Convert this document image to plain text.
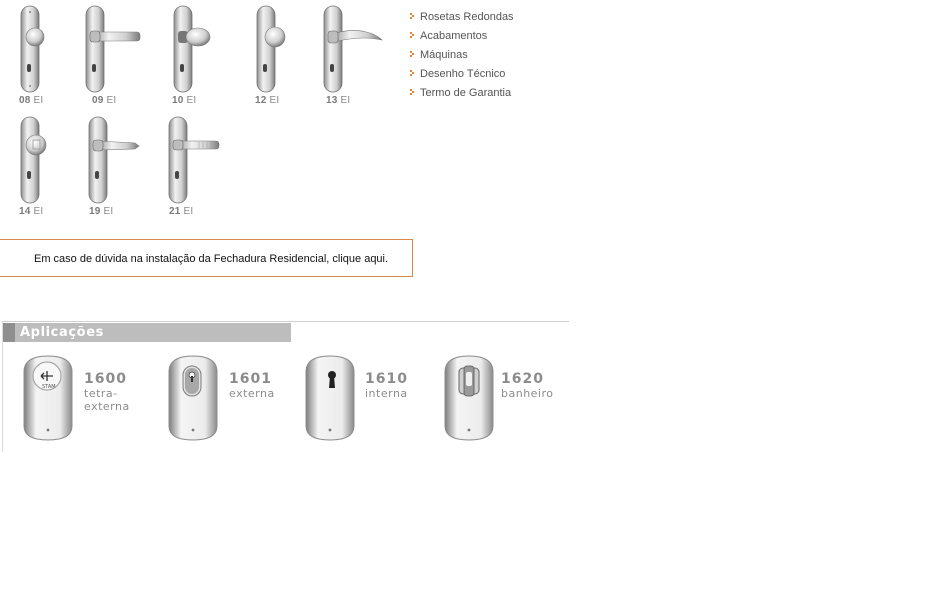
08 EI	09 EI	10 EI	12 EI	13 EI
14 EI	19 EI	21 EI
Rosetas Redondas
Acabamentos
Máquinas
Desenho Técnico
Termo de Garantia
Em caso de dúvida na instalação da Fechadura Residencial, clique aqui.
Aplicações
STAM 1600
tetra-
externa
1601
externa
1610
interna
1620
banheiro
